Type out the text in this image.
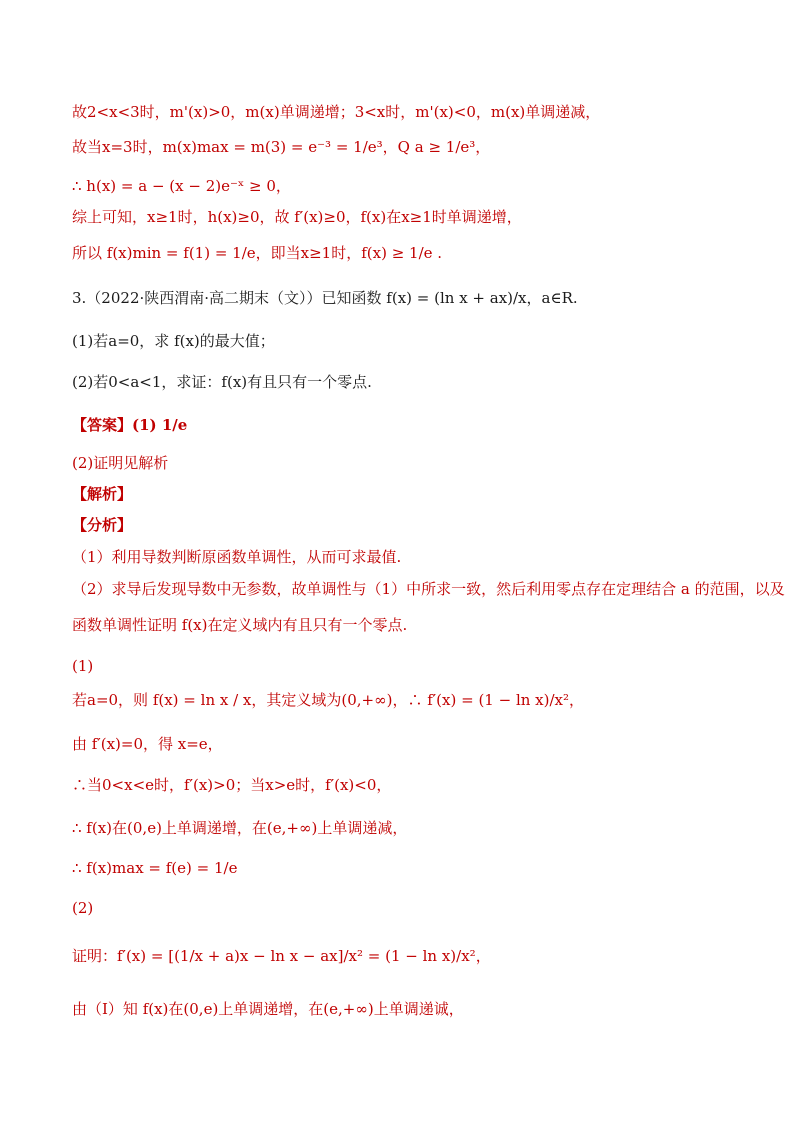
故2<x<3时，m'(x)>0，m(x)单调递增；3<x时，m'(x)<0，m(x)单调递减，
故当x=3时，m(x)max = m(3) = e⁻³ = 1/e³，Q a ≥ 1/e³，
∴ h(x) = a − (x − 2)e⁻ˣ ≥ 0，
综上可知，x≥1时，h(x)≥0，故 f′(x)≥0，f(x)在x≥1时单调递增，
所以 f(x)min = f(1) = 1/e，即当x≥1时，f(x) ≥ 1/e .
3.（2022·陕西渭南·高二期末（文））已知函数 f(x) = (ln x + ax)/x，a∈R.
(1)若a=0，求 f(x)的最大值；
(2)若0<a<1，求证：f(x)有且只有一个零点.
【答案】(1) 1/e
(2)证明见解析
【解析】
【分析】
（1）利用导数判断原函数单调性，从而可求最值.
（2）求导后发现导数中无参数，故单调性与（1）中所求一致，然后利用零点存在定理结合 a 的范围，以及
函数单调性证明 f(x)在定义域内有且只有一个零点.
(1)
若a=0，则 f(x) = ln x / x，其定义域为(0,+∞)，∴ f′(x) = (1 − ln x)/x²，
由 f′(x)=0，得 x=e，
∴当0<x<e时，f′(x)>0；当x>e时，f′(x)<0，
∴ f(x)在(0,e)上单调递增，在(e,+∞)上单调递减，
∴ f(x)max = f(e) = 1/e
(2)
证明：f′(x) = [(1/x + a)x − ln x − ax]/x² = (1 − ln x)/x²，
由（Ⅰ）知 f(x)在(0,e)上单调递增，在(e,+∞)上单调递诚，
